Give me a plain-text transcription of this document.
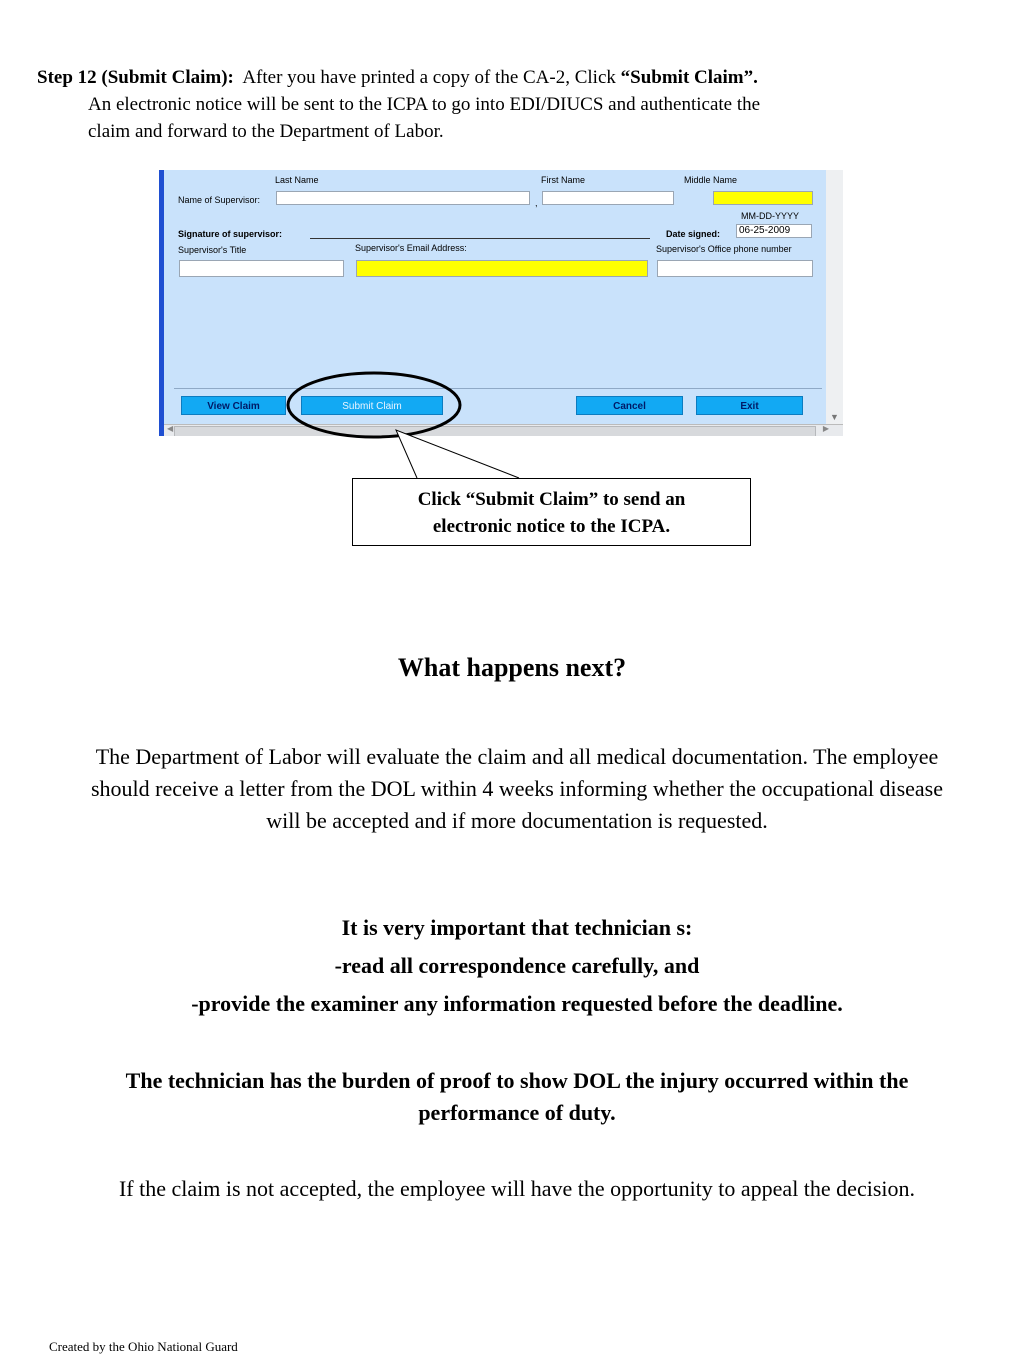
Step 12 (Submit Claim): After you have printed a copy of the CA-2, Click “Submit Claim”.
An electronic notice will be sent to the ICPA to go into EDI/DIUCS and authenticate the
claim and forward to the Department of Labor.
Last Name	First Name	Middle Name
Name of Supervisor:	,
MM-DD-YYYY
Signature of supervisor:	Date signed:	06-25-2009
Supervisor's Title	Supervisor's Email Address:	Supervisor's Office phone number
View Claim	Submit Claim	Cancel	Exit
▼
◀	▶
Click “Submit Claim” to send an
electronic notice to the ICPA.
What happens next?
The Department of Labor will evaluate the claim and all medical documentation. The employee should receive a letter from the DOL within 4 weeks informing whether the occupational disease will be accepted and if more documentation is requested.
It is very important that technician s:
-read all correspondence carefully, and
-provide the examiner any information requested before the deadline.
The technician has the burden of proof to show DOL the injury occurred within the performance of duty.
If the claim is not accepted, the employee will have the opportunity to appeal the decision.
Created by the Ohio National Guard
